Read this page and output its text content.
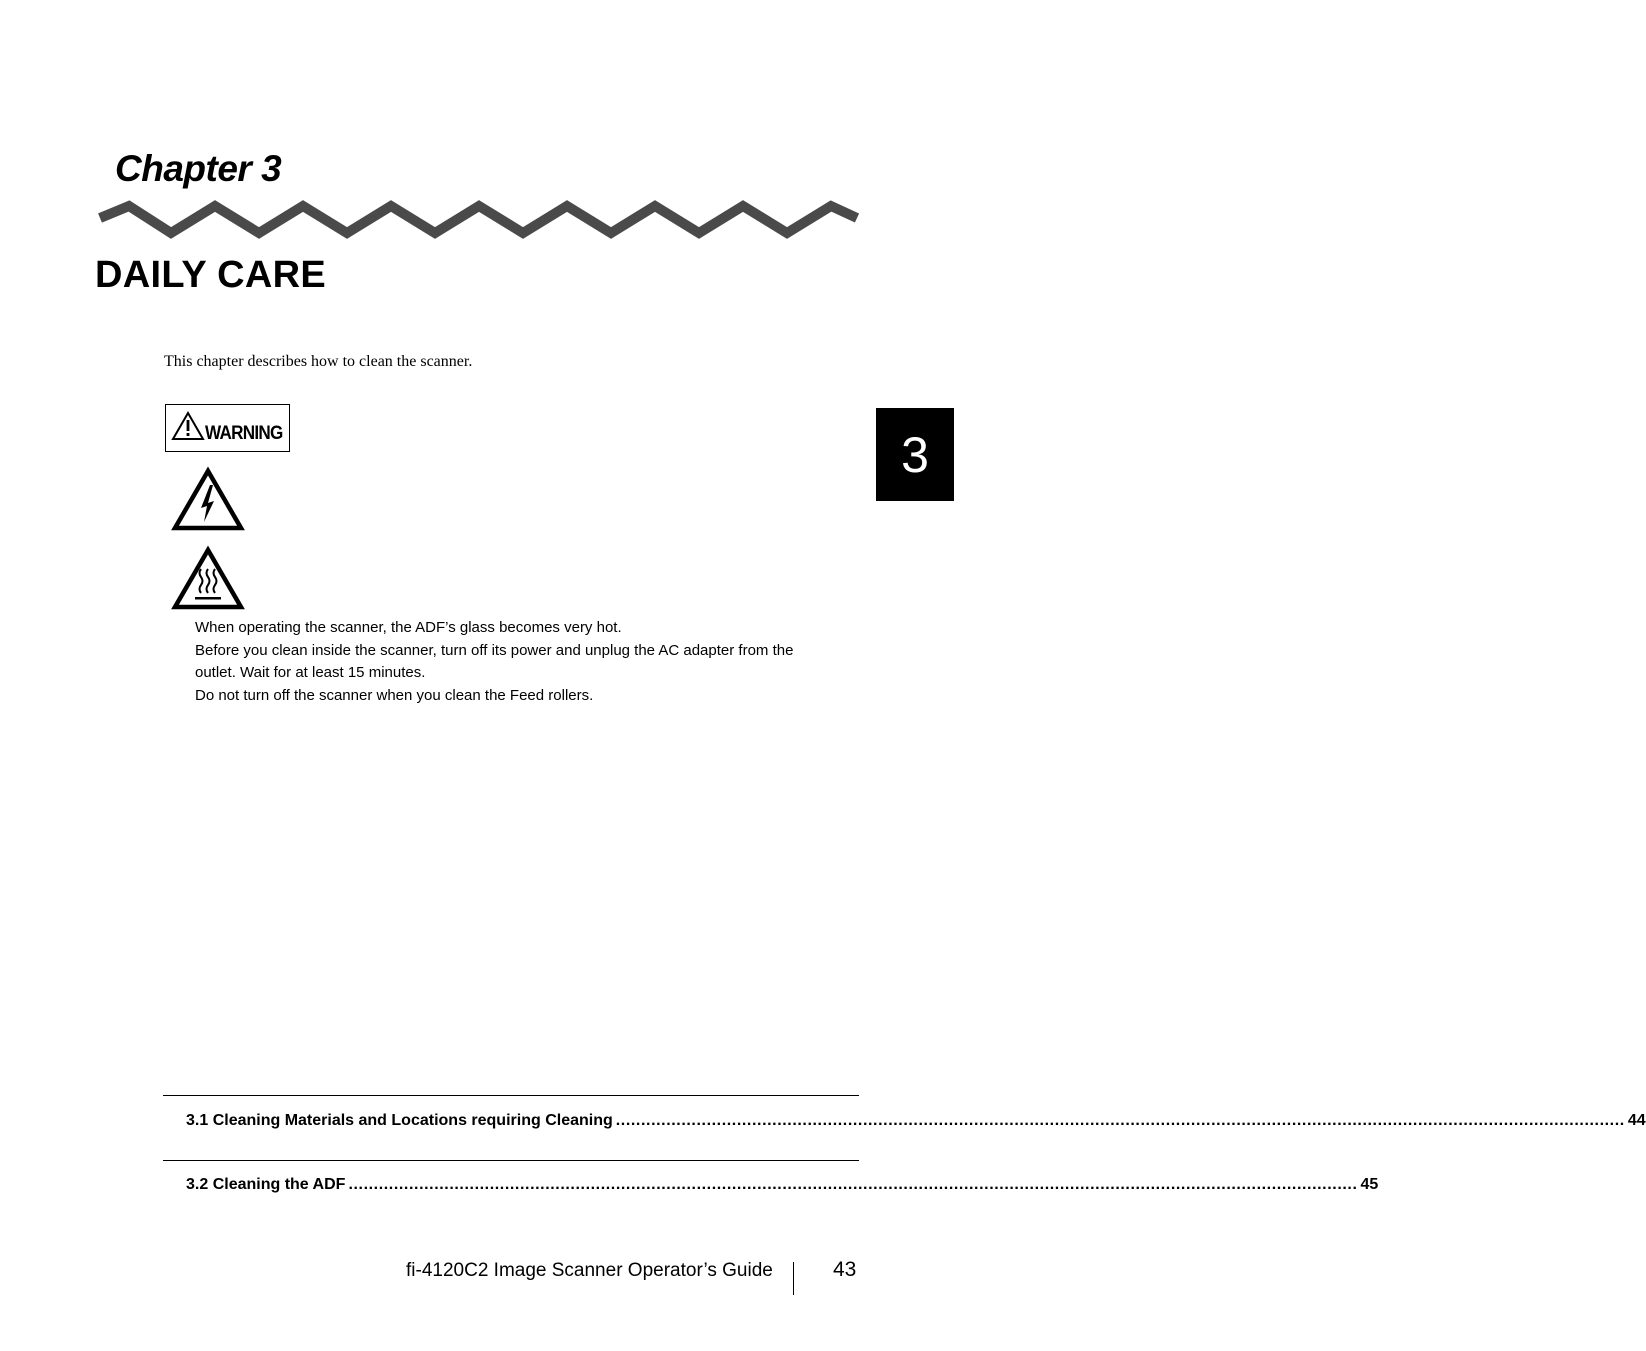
Chapter 3
DAILY CARE
This chapter describes how to clean the scanner.
WARNING
When operating the scanner, the ADF’s glass becomes very hot.
Before you clean inside the scanner, turn off its power and unplug the AC adapter from the
outlet. Wait for at least 15 minutes.
Do not turn off the scanner when you clean the Feed rollers.
3.1 Cleaning Materials and Locations requiring Cleaning ........................................................................................................................................................................................................ 44
3.2 Cleaning the ADF ........................................................................................................................................................................................................ 45
3
fi-4120C2 Image Scanner Operator’s Guide	43
